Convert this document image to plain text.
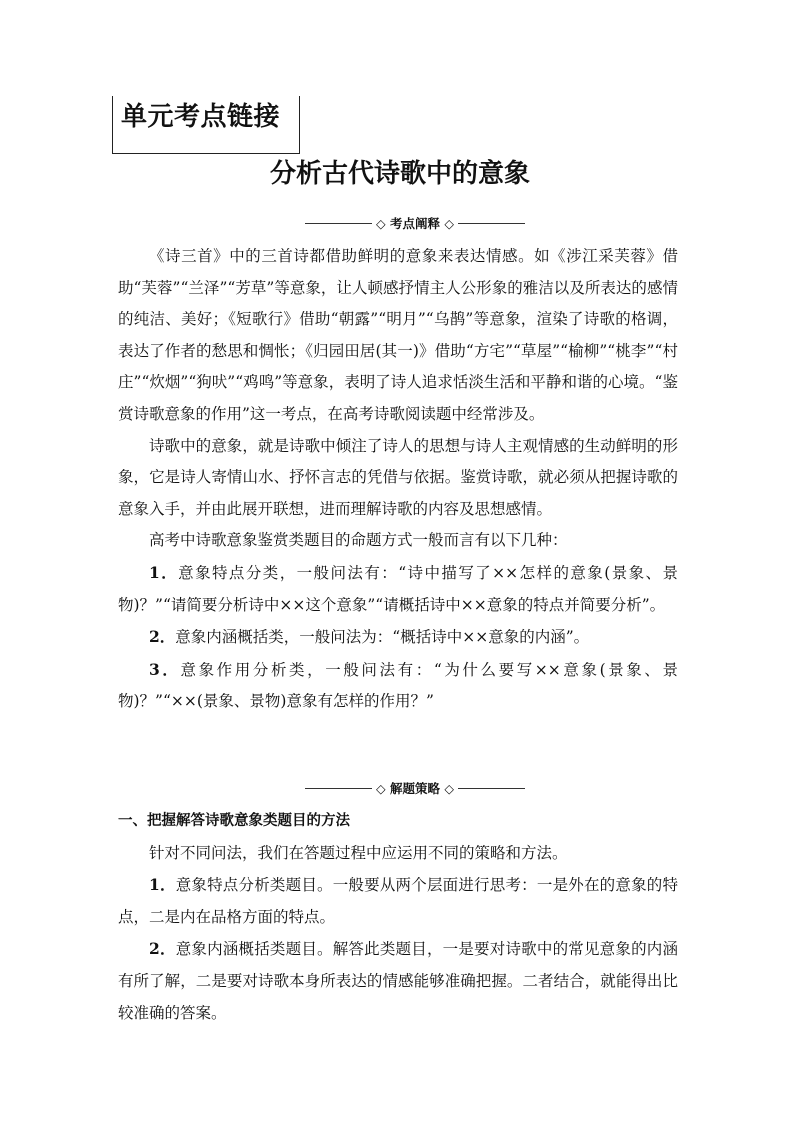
单元考点链接
分析古代诗歌中的意象
◇ 考点阐释 ◇

《诗三首》中的三首诗都借助鲜明的意象来表达情感。如《涉江采芙蓉》借助“芙蓉”“兰泽”“芳草”等意象，让人顿感抒情主人公形象的雅洁以及所表达的感情的纯洁、美好；《短歌行》借助“朝露”“明月”“乌鹊”等意象，渲染了诗歌的格调，表达了作者的愁思和惆怅；《归园田居(其一)》借助“方宅”“草屋”“榆柳”“桃李”“村庄”“炊烟”“狗吠”“鸡鸣”等意象，表明了诗人追求恬淡生活和平静和谐的心境。“鉴赏诗歌意象的作用”这一考点，在高考诗歌阅读题中经常涉及。

诗歌中的意象，就是诗歌中倾注了诗人的思想与诗人主观情感的生动鲜明的形象，它是诗人寄情山水、抒怀言志的凭借与依据。鉴赏诗歌，就必须从把握诗歌的意象入手，并由此展开联想，进而理解诗歌的内容及思想感情。

高考中诗歌意象鉴赏类题目的命题方式一般而言有以下几种：

1．意象特点分类，一般问法有：“诗中描写了××怎样的意象(景象、景物)？”“请简要分析诗中××这个意象”“请概括诗中××意象的特点并简要分析”。

2．意象内涵概括类，一般问法为：“概括诗中××意象的内涵”。

3．意象作用分析类，一般问法有：“为什么要写××意象(景象、景物)？”“××(景象、景物)意象有怎样的作用？”

◇ 解题策略 ◇

一、把握解答诗歌意象类题目的方法

针对不同问法，我们在答题过程中应运用不同的策略和方法。

1．意象特点分析类题目。一般要从两个层面进行思考：一是外在的意象的特点，二是内在品格方面的特点。

2．意象内涵概括类题目。解答此类题目，一是要对诗歌中的常见意象的内涵有所了解，二是要对诗歌本身所表达的情感能够准确把握。二者结合，就能得出比较准确的答案。
